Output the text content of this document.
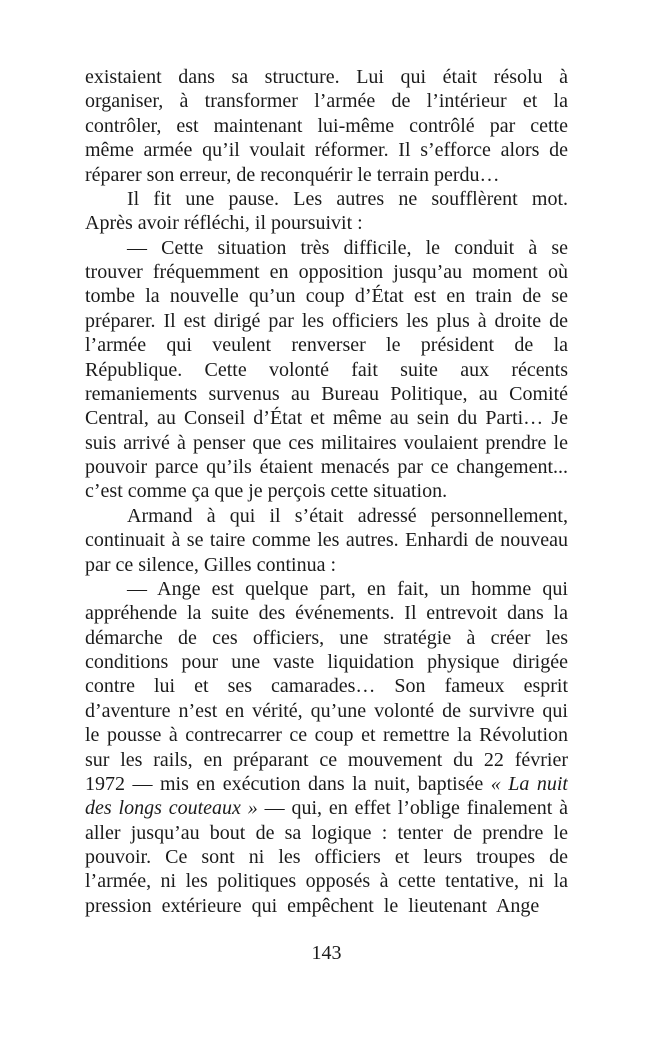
existaient dans sa structure. Lui qui était résolu à
organiser, à transformer l’armée de l’intérieur et la
contrôler, est maintenant lui-même contrôlé par cette
même armée qu’il voulait réformer. Il s’efforce alors de
réparer son erreur, de reconquérir le terrain perdu…
Il fit une pause. Les autres ne soufflèrent mot.
Après avoir réfléchi, il poursuivit :
— Cette situation très difficile, le conduit à se
trouver fréquemment en opposition jusqu’au moment où
tombe la nouvelle qu’un coup d’État est en train de se
préparer. Il est dirigé par les officiers les plus à droite de
l’armée qui veulent renverser le président de la
République. Cette volonté fait suite aux récents
remaniements survenus au Bureau Politique, au Comité
Central, au Conseil d’État et même au sein du Parti… Je
suis arrivé à penser que ces militaires voulaient prendre le
pouvoir parce qu’ils étaient menacés par ce changement...
c’est comme ça que je perçois cette situation.
Armand à qui il s’était adressé personnellement,
continuait à se taire comme les autres. Enhardi de nouveau
par ce silence, Gilles continua :
— Ange est quelque part, en fait, un homme qui
appréhende la suite des événements. Il entrevoit dans la
démarche de ces officiers, une stratégie à créer les
conditions pour une vaste liquidation physique dirigée
contre lui et ses camarades… Son fameux esprit
d’aventure n’est en vérité, qu’une volonté de survivre qui
le pousse à contrecarrer ce coup et remettre la Révolution
sur les rails, en préparant ce mouvement du 22 février
1972 — mis en exécution dans la nuit, baptisée « La nuit
des longs couteaux » — qui, en effet l’oblige finalement à
aller jusqu’au bout de sa logique : tenter de prendre le
pouvoir. Ce sont ni les officiers et leurs troupes de
l’armée, ni les politiques opposés à cette tentative, ni la
pression extérieure qui empêchent le lieutenant Ange
143
